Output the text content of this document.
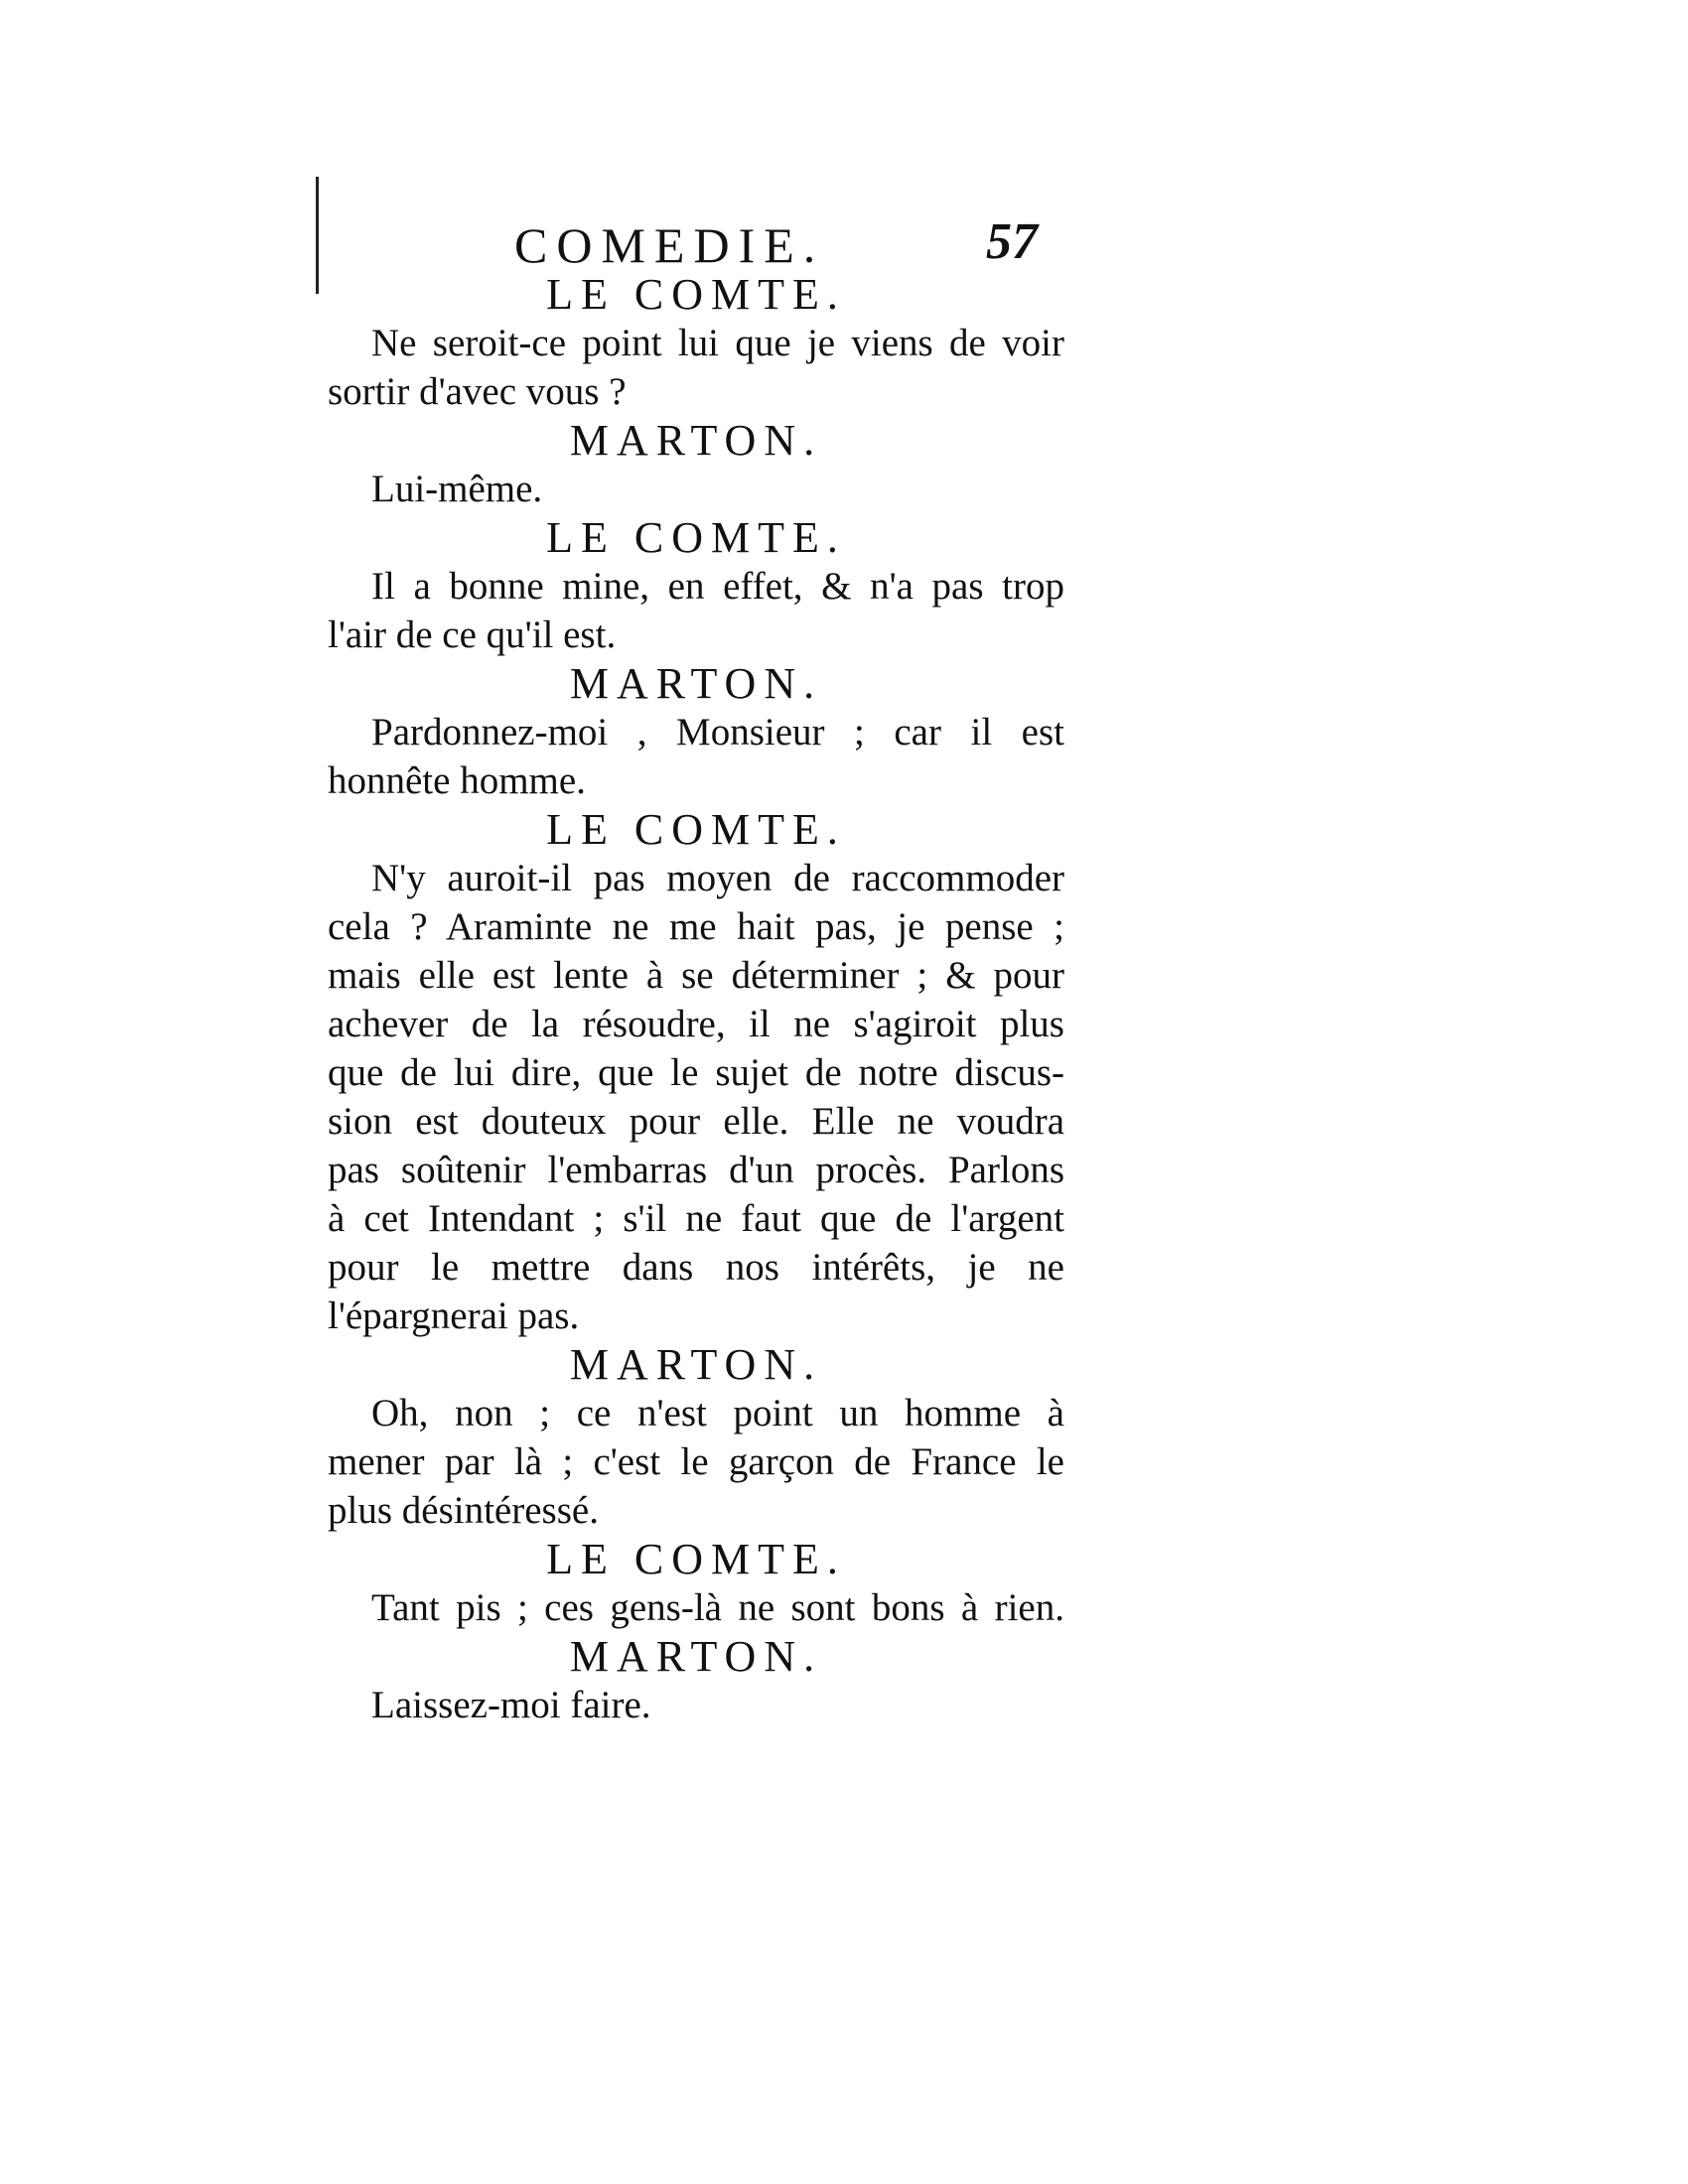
COMEDIE.	57
LE COMTE.
Ne seroit-ce point lui que je viens de voir
sortir d'avec vous ?
MARTON.
Lui-même.
LE COMTE.
Il a bonne mine, en effet, & n'a pas trop
l'air de ce qu'il est.
MARTON.
Pardonnez-moi , Monsieur ; car il est
honnête homme.
LE COMTE.
N'y auroit-il pas moyen de raccommoder
cela ? Araminte ne me hait pas, je pense ;
mais elle est lente à se déterminer ; & pour
achever de la résoudre, il ne s'agiroit plus
que de lui dire, que le sujet de notre discus-
sion est douteux pour elle. Elle ne voudra
pas soûtenir l'embarras d'un procès. Parlons
à cet Intendant ; s'il ne faut que de l'argent
pour le mettre dans nos intérêts, je ne
l'épargnerai pas.
MARTON.
Oh, non ; ce n'est point un homme à
mener par là ; c'est le garçon de France le
plus désintéressé.
LE COMTE.
Tant pis ; ces gens-là ne sont bons à rien.
MARTON.
Laissez-moi faire.
